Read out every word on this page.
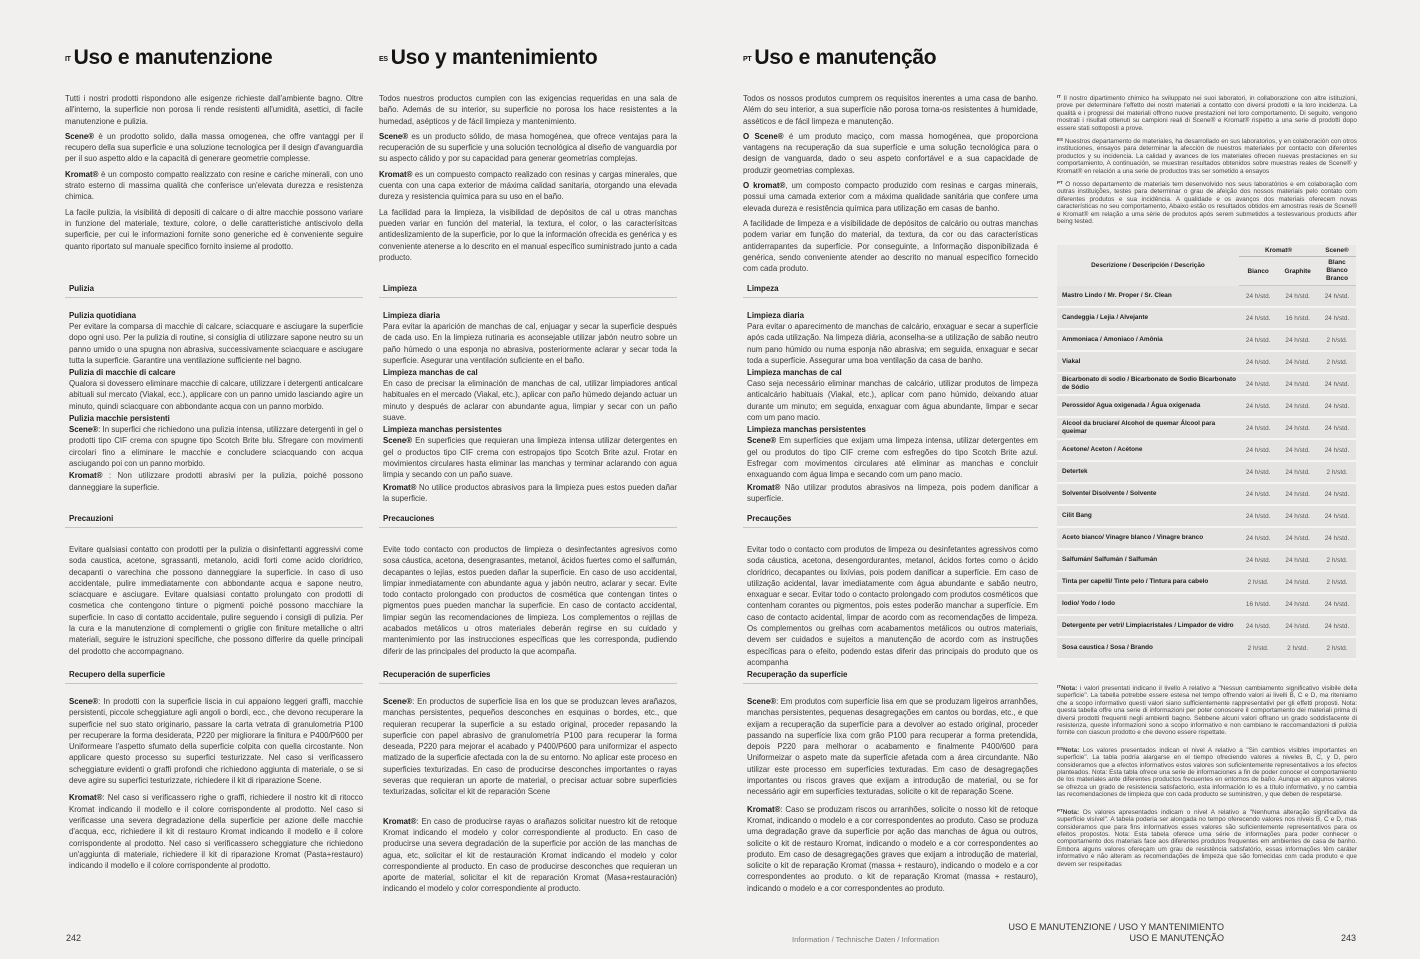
IT Uso e manutenzione

Tutti i nostri prodotti rispondono alle esigenze richieste dall'ambiente bagno. Oltre all'interno, la superficie non porosa li rende resistenti all'umidità, asettici, di facile manutenzione e pulizia.

Scene® è un prodotto solido, dalla massa omogenea, che offre vantaggi per il recupero della sua superficie e una soluzione tecnologica per il design d'avanguardia per il suo aspetto aldo e la capacità di generare geometrie complesse.

Kromat® è un composto compatto realizzato con resine e cariche minerali, con uno strato esterno di massima qualità che conferisce un'elevata durezza e resistenza chimica.

La facile pulizia, la visibilità di depositi di calcare o di altre macchie possono variare in funzione del materiale, texture, colore, o delle caratteristiche antiscivolo della superficie, per cui le informazioni fornite sono generiche ed è conveniente seguire quanto riportato sul manuale specifico fornito insieme al prodotto.

Pulizia
Pulizia quotidiana

Per evitare la comparsa di macchie di calcare, sciacquare e asciugare la superficie dopo ogni uso. Per la pulizia di routine, si consiglia di utilizzare sapone neutro su un panno umido o una spugna non abrasiva, successivamente sciacquare e asciugare tutta la superficie. Garantire una ventilazione sufficiente nel bagno.

Pulizia di macchie di calcare

Qualora si dovessero eliminare macchie di calcare, utilizzare i detergenti anticalcare abituali sul mercato (Viakal, ecc.), applicare con un panno umido lasciando agire un minuto, quindi sciacquare con abbondante acqua con un panno morbido.

Pulizia macchie persistenti

Scene®: In superfici che richiedono una pulizia intensa, utilizzare detergenti in gel o prodotti tipo CIF crema con spugne tipo Scotch Brite blu. Sfregare con movimenti circolari fino a eliminare le macchie e concludere sciacquando con acqua asciugando poi con un panno morbido.

Kromat® : Non utilizzare prodotti abrasivi per la pulizia, poiché possono danneggiare la superficie.

Precauzioni

Evitare qualsiasi contatto con prodotti per la pulizia o disinfettanti aggressivi come soda caustica, acetone, sgrassanti, metanolo, acidi forti come acido cloridrico, decapanti o varechina che possono danneggiare la superficie. In caso di uso accidentale, pulire immediatamente con abbondante acqua e sapone neutro, sciacquare e asciugare. Evitare qualsiasi contatto prolungato con prodotti di cosmetica che contengono tinture o pigmenti poiché possono macchiare la superficie. In caso di contatto accidentale, pulire seguendo i consigli di pulizia. Per la cura e la manutenzione di complementi o griglie con finiture metalliche o altri materiali, seguire le istruzioni specifiche, che possono differire da quelle principali del prodotto che accompagnano.

Recupero della superficie

Scene®: In prodotti con la superficie liscia in cui appaiono leggeri graffi, macchie persistenti, piccole scheggiature agli angoli o bordi, ecc., che devono recuperare la superficie nel suo stato originario, passare la carta vetrata di granulometria P100 per recuperare la forma desiderata, P220 per migliorare la finitura e P400/P600 per Uniformeare l'aspetto sfumato della superficie colpita con quella circostante. Non applicare questo processo su superfici testurizzate. Nel caso si verificassero scheggiature evidenti o graffi profondi che richiedono aggiunta di materiale, o se si deve agire su superfici testurizzate, richiedere il kit di riparazione Scene.

Kromat®: Nel caso si verificassero righe o graffi, richiedere il nostro kit di ritocco Kromat indicando il modello e il colore corrispondente al prodotto. Nel caso si verificasse una severa degradazione della superficie per azione delle macchie d'acqua, ecc, richiedere il kit di restauro Kromat indicando il modello e il colore corrispondente al prodotto. Nel caso si verificassero scheggiature che richiedono un'aggiunta di materiale, richiedere il kit di riparazione Kromat (Pasta+restauro) indicando il modello e il colore corrispondente al prodotto.

ES Uso y mantenimiento

Todos nuestros productos cumplen con las exigencias requeridas en una sala de baño. Además de su interior, su superficie no porosa los hace resistentes a la humedad, asépticos y de fácil limpieza y mantenimiento.

Scene® es un producto sólido, de masa homogénea, que ofrece ventajas para la recuperación de su superficie y una solución tecnológica al diseño de vanguardia por su aspecto cálido y por su capacidad para generar geometrías complejas.

Kromat® es un compuesto compacto realizado con resinas y cargas minerales, que cuenta con una capa exterior de máxima calidad sanitaria, otorgando una elevada dureza y resistencia química para su uso en el baño.

La facilidad para la limpieza, la visibilidad de depósitos de cal u otras manchas pueden variar en función del material, la textura, el color, o las caracterísitcas antideslizamiento de la superficie, por lo que la información ofrecida es genérica y es conveniente atenerse a lo descrito en el manual específico suministrado junto a cada producto.

Limpieza
Limpieza diaria

Para evitar la aparición de manchas de cal, enjuagar y secar la superficie después de cada uso. En la limpieza rutinaria es aconsejable utilizar jabón neutro sobre un paño húmedo o una esponja no abrasiva, posteriormente aclarar y secar toda la superficie. Asegurar una ventilación suficiente en el baño.

Limpieza manchas de cal

En caso de precisar la eliminación de manchas de cal, utilizar limpiadores antical habituales en el mercado (Viakal, etc.), aplicar con paño húmedo dejando actuar un minuto y después de aclarar con abundante agua, limpiar y secar con un paño suave.

Limpieza manchas persistentes

Scene® En superficies que requieran una limpieza intensa utilizar detergentes en gel o productos tipo CIF crema con estropajos tipo Scotch Brite azul. Frotar en movimientos circulares hasta eliminar las manchas y terminar aclarando con agua limpia y secando con un paño suave.

Kromat® No utilice productos abrasivos para la limpieza pues estos pueden dañar la superficie.

Precauciones

Evite todo contacto con productos de limpieza o desinfectantes agresivos como sosa cáustica, acetona, desengrasantes, metanol, ácidos fuertes como el salfumán, decapantes o lejías, estos pueden dañar la superficie. En caso de uso accidental, limpiar inmediatamente con abundante agua y jabón neutro, aclarar y secar. Evite todo contacto prolongado con productos de cosmética que contengan tintes o pigmentos pues pueden manchar la superficie. En caso de contacto accidental, limpiar según las recomendaciones de limpieza. Los complementos o rejillas de acabados metálicos u otros materiales deberán regirse en su cuidado y mantenimiento por las instrucciones específicas que les corresponda, pudiendo diferir de las principales del producto la que acompaña.

Recuperación de superficies

Scene®: En productos de superficie lisa en los que se produzcan leves arañazos, manchas persistentes, pequeños desconches en esquinas o bordes, etc., que requieran recuperar la superficie a su estado original, proceder repasando la superficie con papel abrasivo de granulometría P100 para recuperar la forma deseada, P220 para mejorar el acabado y P400/P600 para uniformizar el aspecto matizado de la superficie afectada con la de su entorno. No aplicar este proceso en superficies texturizadas. En caso de producirse desconches importantes o rayas severas que requieran un aporte de material, o precisar actuar sobre superficies texturizadas, solicitar el kit de reparación Scene

Kromat®: En caso de producirse rayas o arañazos solicitar nuestro kit de retoque Kromat indicando el modelo y color correspondiente al producto. En caso de producirse una severa degradación de la superficie por acción de las manchas de agua, etc, solicitar el kit de restauración Kromat indicando el modelo y color correspondiente al producto. En caso de producirse desconches que requieran un aporte de material, solicitar el kit de reparación Kromat (Masa+restauración) indicando el modelo y color correspondiente al producto.

PT Uso e manutenção

Todos os nossos produtos cumprem os requisitos inerentes a uma casa de banho. Além do seu interior, a sua superfície não porosa torna-os resistentes à humidade, asséticos e de fácil limpeza e manutenção.

O Scene® é um produto maciço, com massa homogénea, que proporciona vantagens na recuperação da sua superfície e uma solução tecnológica para o design de vanguarda, dado o seu aspeto confortável e a sua capacidade de produzir geometrias complexas.

O kromat®, um composto compacto produzido com resinas e cargas minerais, possui uma camada exterior com a máxima qualidade sanitária que confere uma elevada dureza e resistência química para utilização em casas de banho.

A facilidade de limpeza e a visibilidade de depósitos de calcário ou outras manchas podem variar em função do material, da textura, da cor ou das características antiderrapantes da superfície. Por conseguinte, a Informação disponibilizada é genérica, sendo conveniente atender ao descrito no manual específico fornecido com cada produto.

Limpeza
Limpieza diaria

Para evitar o aparecimento de manchas de calcário, enxaguar e secar a superfície após cada utilização. Na limpeza diária, aconselha-se a utilização de sabão neutro num pano húmido ou numa esponja não abrasiva; em seguida, enxaguar e secar toda a superfície. Assegurar uma boa ventilação da casa de banho.

Limpieza manchas de cal

Caso seja necessário eliminar manchas de calcário, utilizar produtos de limpeza anticalcário habituais (Viakal, etc.), aplicar com pano húmido, deixando atuar durante um minuto; em seguida, enxaguar com água abundante, limpar e secar com um pano macio.

Limpieza manchas persistentes

Scene® Em superfícies que exijam uma limpeza intensa, utilizar detergentes em gel ou produtos do tipo CIF creme com esfregões do tipo Scotch Brite azul. Esfregar com movimentos circulares até eliminar as manchas e concluir enxaguando com água limpa e secando com um pano macio.

Kromat® Não utilizar produtos abrasivos na limpeza, pois podem danificar a superfície.

Precauções

Evitar todo o contacto com produtos de limpeza ou desinfetantes agressivos como soda cáustica, acetona, desengordurantes, metanol, ácidos fortes como o ácido clorídrico, decapantes ou lixívias, pois podem danificar a superfície. Em caso de utilização acidental, lavar imediatamente com água abundante e sabão neutro, enxaguar e secar. Evitar todo o contacto prolongado com produtos cosméticos que contenham corantes ou pigmentos, pois estes poderão manchar a superfície. Em caso de contacto acidental, limpar de acordo com as recomendações de limpeza. Os complementos ou grelhas com acabamentos metálicos ou outros materiais, devem ser cuidados e sujeitos a manutenção de acordo com as instruções específicas para o efeito, podendo estas diferir das principais do produto que os acompanha

Recuperação da superfície

Scene®: Em produtos com superfície lisa em que se produzam ligeiros arranhões, manchas persistentes, pequenas desagregações em cantos ou bordas, etc., e que exijam a recuperação da superfície para a devolver ao estado original, proceder passando na superfície lixa com grão P100 para recuperar a forma pretendida, depois P220 para melhorar o acabamento e finalmente P400/600 para Uniformeizar o aspeto mate da superfície afetada com a área circundante. Não utilizar este processo em superfícies texturadas. Em caso de desagregações importantes ou riscos graves que exijam a introdução de material, ou se for necessário agir em superfícies texturadas, solicite o kit de reparação Scene.

Kromat®: Caso se produzam riscos ou arranhões, solicite o nosso kit de retoque Kromat, indicando o modelo e a cor correspondentes ao produto. Caso se produza uma degradação grave da superfície por ação das manchas de água ou outros, solicite o kit de restauro Kromat, indicando o modelo e a cor correspondentes ao produto. Em caso de desagregações graves que exijam a introdução de material, solicite o kit de reparação Kromat (massa + restauro), indicando o modelo e a cor correspondentes ao produto. o kit de reparação Kromat (massa + restauro), indicando o modelo e a cor correspondentes ao produto.

$^{IT}$ Il nostro dipartimento chimico ha sviluppato nei suoi laboratori, in collaborazione con altre istituzioni, prove per determinare l'effetto dei nostri materiali a contatto con diversi prodotti e la loro incidenza. La qualità e i progressi dei materiali offrono nuove prestazioni nel loro comportamento. Di seguito, vengono mostrati i risultati ottenuti su campioni reali di Scene® e Kromat® rispetto a una serie di prodotti dopo essere stati sottoposti a prove.

$^{ES}$ Nuestros departamento de materiales, ha desarrollado en sus laboratorios, y en colaboración con otros instituciones, ensayos para determinar la afección de nuestros materiales por contacto con diferentes productos y su incidencia. La calidad y avances de los materiales ofrecen nuevas prestaciones en su comportamiento, A continuación, se muestran resultados obtenidos sobre muestras reales de Scene® y Kromat® en relación a una serie de productos tras ser sometido a ensayos

$^{PT}$ O nosso departamento de materiais tem desenvolvido nos seus laboratórios e em colaboração com outras instituições, testes para determinar o grau de afeição dos nossos materiais pelo contato com diferentes produtos e sua incidência. A qualidade e os avanços dos materiais oferecem novas características no seu comportamento, Abaixo estão os resultados obtidos em amostras reais de Scene® e Kromat® em relação a uma série de produtos após serem submetidos a testesvarious products after being tested.

Descrizione / Descripción / Descrição	Kromat®		Scene®
	Bianco	Graphite	Blanc Blanco Branco
Mastro Lindo / Mr. Proper / Sr. Clean	24 h/std.	24 h/std.	24 h/std.
Candeggia / Lejia / Alvejante	24 h/std.	16 h/std.	24 h/std.
Ammoniaca / Amoniaco / Amônia	24 h/std.	24 h/std.	2 h/std.
Viakal	24 h/std.	24 h/std.	2 h/std.
Bicarbonato di sodio / Bicarbonato de Sodio Bicarbonato de Sódio	24 h/std.	24 h/std.	24 h/std.
Perossido/ Agua oxigenada / Água oxigenada	24 h/std.	24 h/std.	24 h/std.
Alcool da bruciare/ Alcohol de quemar Álcool para queimar	24 h/std.	24 h/std.	24 h/std.
Acetone/ Aceton / Acétone	24 h/std.	24 h/std.	24 h/std.
Detertek	24 h/std.	24 h/std.	2 h/std.
Solvente/ Disolvente / Solvente	24 h/std.	24 h/std.	24 h/std.
Cilit Bang	24 h/std.	24 h/std.	24 h/std.
Aceto bianco/ Vinagre blanco / Vinagre branco	24 h/std.	24 h/std.	24 h/std.
Salfumán/ Salfumán / Salfumán	24 h/std.	24 h/std.	2 h/std.
Tinta per capelli/ Tinte pelo / Tintura para cabelo	2 h/std.	24 h/std.	2 h/std.
Iodio/ Yodo / Iodo	16 h/std.	24 h/std.	24 h/std.
Detergente per vetri/ Limpiacristales / Limpador de vidro	24 h/std.	24 h/std.	24 h/std.
Sosa caustica / Sosa / Brando	2 h/std.	2 h/std.	2 h/std.

$^{IT}$Nota: i valori presentati indicano il livello A relativo a "Nessun cambiamento significativo visibile della superficie". La tabella potrebbe essere estesa nel tempo offrendo valori ai livelli B, C e D, ma riteniamo che a scopo informativo questi valori siano sufficientemente rappresentativi per gli effetti proposti. Nota: questa tabella offre una serie di informazioni per poter conoscere il comportamento dei materiali prima di diversi prodotti frequenti negli ambienti bagno. Sebbene alcuni valori offrano un grado soddisfacente di resistenza, queste informazioni sono a scopo informativo e non cambiano le raccomandazioni di pulizia fornite con ciascun prodotto e che devono essere rispettate.

$^{ES}$Nota: Los valores presentados indican el nivel A relativo a "Sin cambios visibles importantes en superficie". La tabla podría alargarse en el tiempo ofreciendo valores a niveles B, C, y D, pero consideramos que a efectos informativos estos valores son suficientemente representativos a los efectos planteados. Nota: Esta tabla ofrece una serie de informaciones a fin de poder conocer el comportamiento de los materiales ante diferentes productos frecuentes en entornos de baño. Aunque en algunos valores se ofrezca un grado de resistencia satisfactorio, esta información lo es a título informativo, y no cambia las recomendaciones de limpieza que con cada producto se suministren, y que deben de respetarse.

$^{PT}$Nota: Os valores apresentados indicam o nível A relativo a "Nenhuma alteração significativa da superfície visível". A tabela poderia ser alongada no tempo oferecendo valores nos níveis B, C e D, mas consideramos que para fins informativos esses valores são suficientemente representativos para os efeitos propostos. Nota: Esta tabela oferece uma série de informações para poder conhecer o comportamento dos materiais face aos diferentes produtos frequentes em ambientes de casa de banho. Embora alguns valores ofereçam um grau de resistência satisfatório, essas informações têm caráter informativo e não alteram as recomendações de limpeza que são fornecidas com cada produto e que devem ser respeitadas

242	Information / Technische Daten / Information
USO E MANUTENZIONE / USO Y MANTENIMIENTO
USO E MANUTENÇÃO	243
